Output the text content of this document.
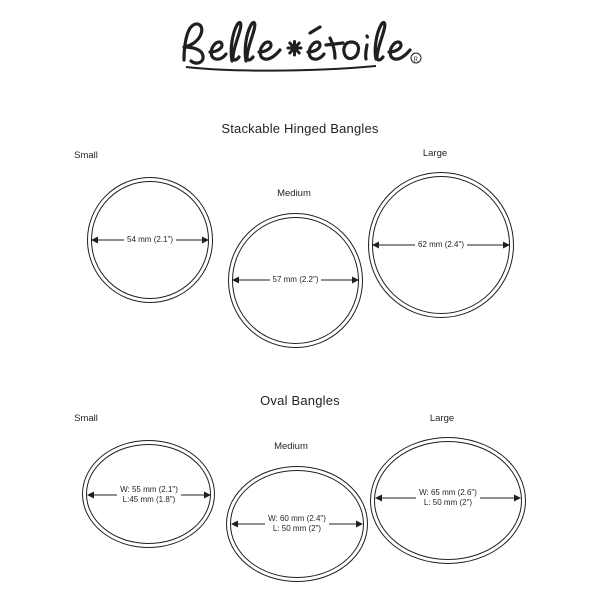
R
Stackable Hinged Bangles
Small
54 mm (2.1")
Medium
57 mm (2.2")
Large
62 mm (2.4")
Oval Bangles
Small
W: 55 mm (2.1")
L:45 mm (1.8")
Medium
W: 60 mm (2.4")
L: 50 mm (2")
Large
W: 65 mm (2.6")
L: 50 mm (2")
